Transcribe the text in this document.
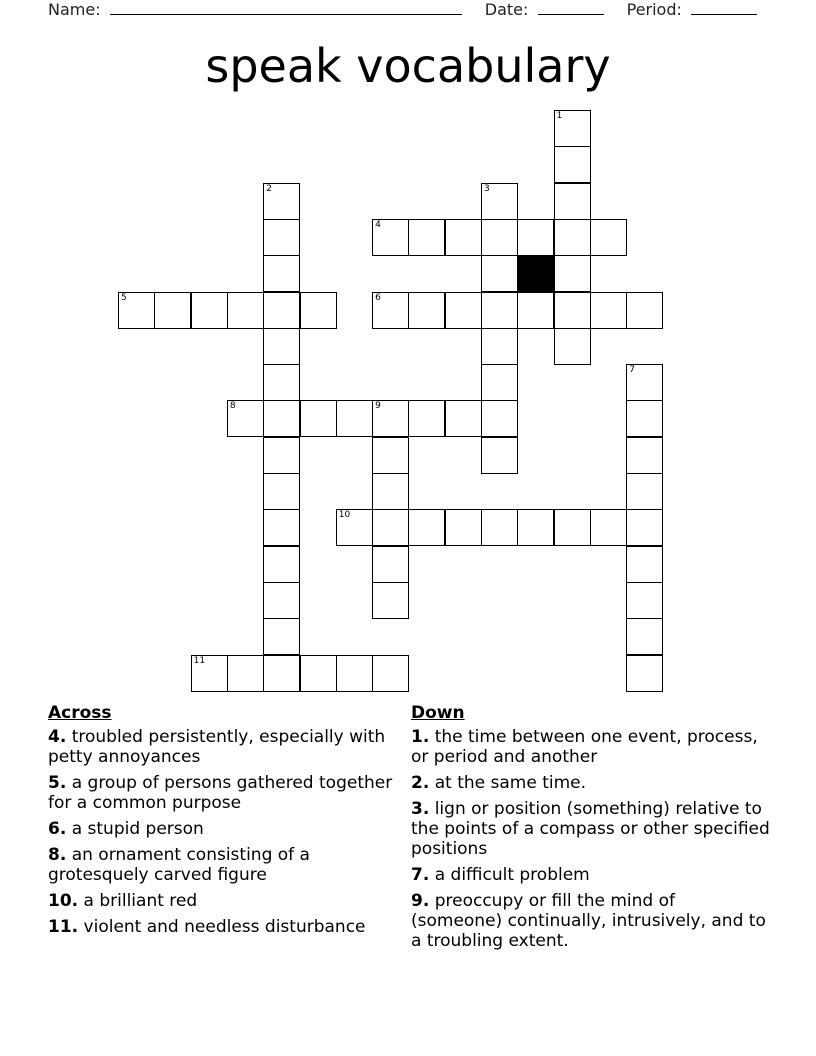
Name:	Date:	Period:
speak vocabulary
1
2	3
4
5	6
7
8	9
10
11
Across
4. troubled persistently, especially with petty annoyances
5. a group of persons gathered together for a common purpose
6. a stupid person
8. an ornament consisting of a grotesquely carved figure
10. a brilliant red
11. violent and needless disturbance
Down
1. the time between one event, process, or period and another
2. at the same time.
3. lign or position (something) relative to the points of a compass or other specified positions
7. a difficult problem
9. preoccupy or fill the mind of (someone) continually, intrusively, and to a troubling extent.
